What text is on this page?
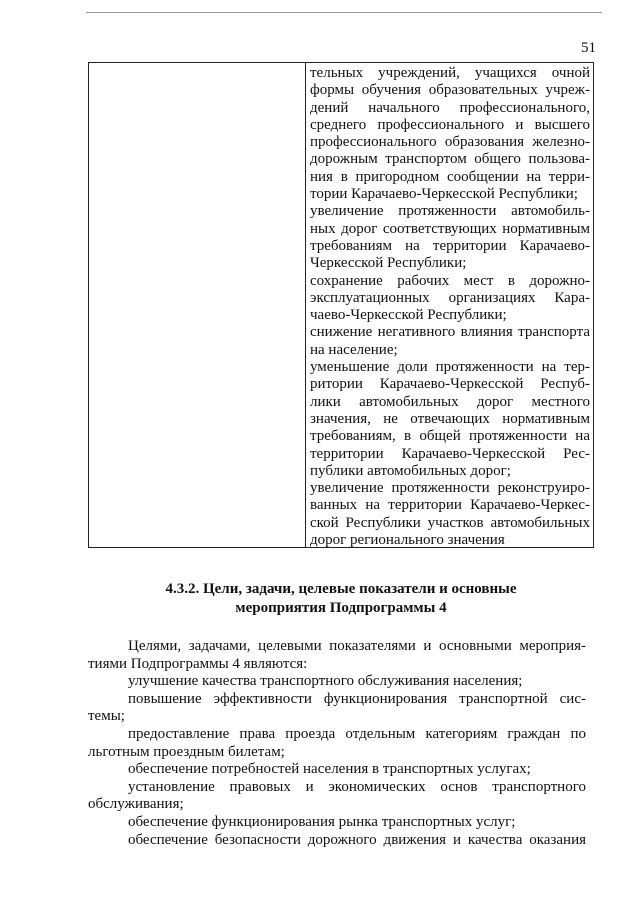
51
тельных учреждений, учащихся очной
формы обучения образовательных учреж-
дений начального профессионального,
среднего профессионального и высшего
профессионального образования железно-
дорожным транспортом общего пользова-
ния в пригородном сообщении на терри-
тории Карачаево-Черкесской Республики;
увеличение протяженности автомобиль-
ных дорог соответствующих нормативным
требованиям на территории Карачаево-
Черкесской Республики;
сохранение рабочих мест в дорожно-
эксплуатационных организациях Кара-
чаево-Черкесской Республики;
снижение негативного влияния транспорта
на население;
уменьшение доли протяженности на тер-
ритории Карачаево-Черкесской Респуб-
лики автомобильных дорог местного
значения, не отвечающих нормативным
требованиям, в общей протяженности на
территории Карачаево-Черкесской Рес-
публики автомобильных дорог;
увеличение протяженности реконструиро-
ванных на территории Карачаево-Черкес-
ской Республики участков автомобильных
дорог регионального значения
4.3.2. Цели, задачи, целевые показатели и основные
мероприятия Подпрограммы 4
Целями, задачами, целевыми показателями и основными мероприя-
тиями Подпрограммы 4 являются:
улучшение качества транспортного обслуживания населения;
повышение эффективности функционирования транспортной сис-
темы;
предоставление права проезда отдельным категориям граждан по
льготным проездным билетам;
обеспечение потребностей населения в транспортных услугах;
установление правовых и экономических основ транспортного
обслуживания;
обеспечение функционирования рынка транспортных услуг;
обеспечение безопасности дорожного движения и качества оказания
